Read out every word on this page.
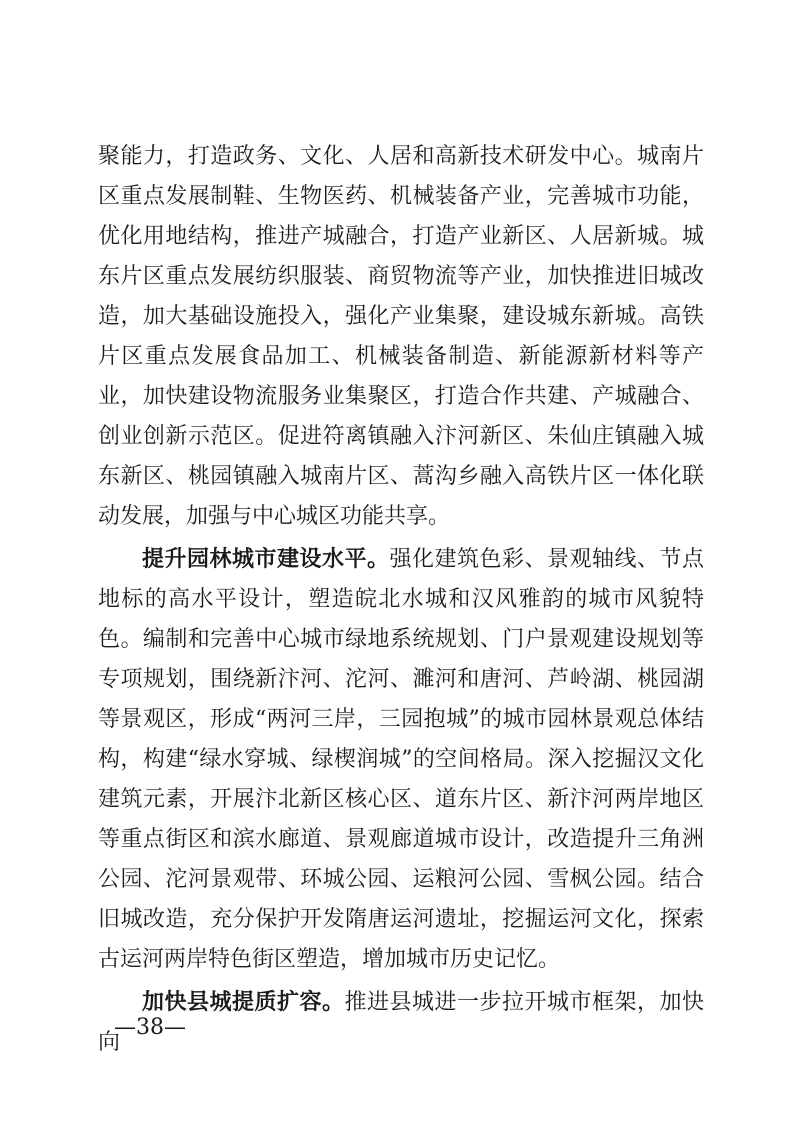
聚能力，打造政务、文化、人居和高新技术研发中心。城南片区重点发展制鞋、生物医药、机械装备产业，完善城市功能，优化用地结构，推进产城融合，打造产业新区、人居新城。城东片区重点发展纺织服装、商贸物流等产业，加快推进旧城改造，加大基础设施投入，强化产业集聚，建设城东新城。高铁片区重点发展食品加工、机械装备制造、新能源新材料等产业，加快建设物流服务业集聚区，打造合作共建、产城融合、创业创新示范区。促进符离镇融入汴河新区、朱仙庄镇融入城东新区、桃园镇融入城南片区、蒿沟乡融入高铁片区一体化联动发展，加强与中心城区功能共享。

提升园林城市建设水平。强化建筑色彩、景观轴线、节点地标的高水平设计，塑造皖北水城和汉风雅韵的城市风貌特色。编制和完善中心城市绿地系统规划、门户景观建设规划等专项规划，围绕新汴河、沱河、濉河和唐河、芦岭湖、桃园湖等景观区，形成“两河三岸，三园抱城”的城市园林景观总体结构，构建“绿水穿城、绿楔润城”的空间格局。深入挖掘汉文化建筑元素，开展汴北新区核心区、道东片区、新汴河两岸地区等重点街区和滨水廊道、景观廊道城市设计，改造提升三角洲公园、沱河景观带、环城公园、运粮河公园、雪枫公园。结合旧城改造，充分保护开发隋唐运河遗址，挖掘运河文化，探索古运河两岸特色街区塑造，增加城市历史记忆。

加快县城提质扩容。推进县城进一步拉开城市框架，加快向

—38—
